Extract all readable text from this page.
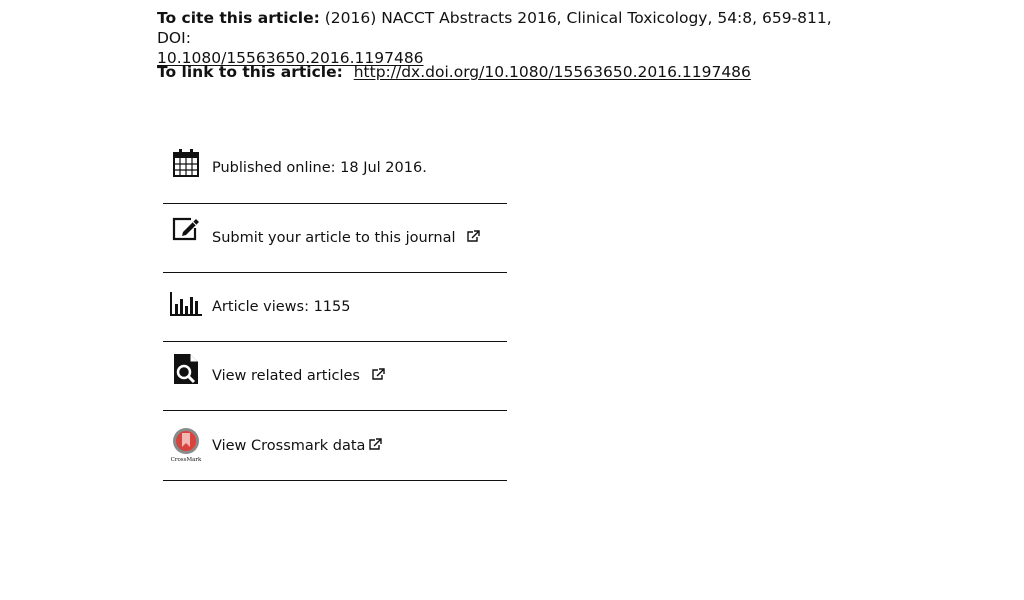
To cite this article: (2016) NACCT Abstracts 2016, Clinical Toxicology, 54:8, 659-811, DOI:

10.1080/15563650.2016.1197486

To link to this article: http://dx.doi.org/10.1080/15563650.2016.1197486
Published online: 18 Jul 2016.
Submit your article to this journal
Article views: 1155
View related articles
CrossMark
View Crossmark data
